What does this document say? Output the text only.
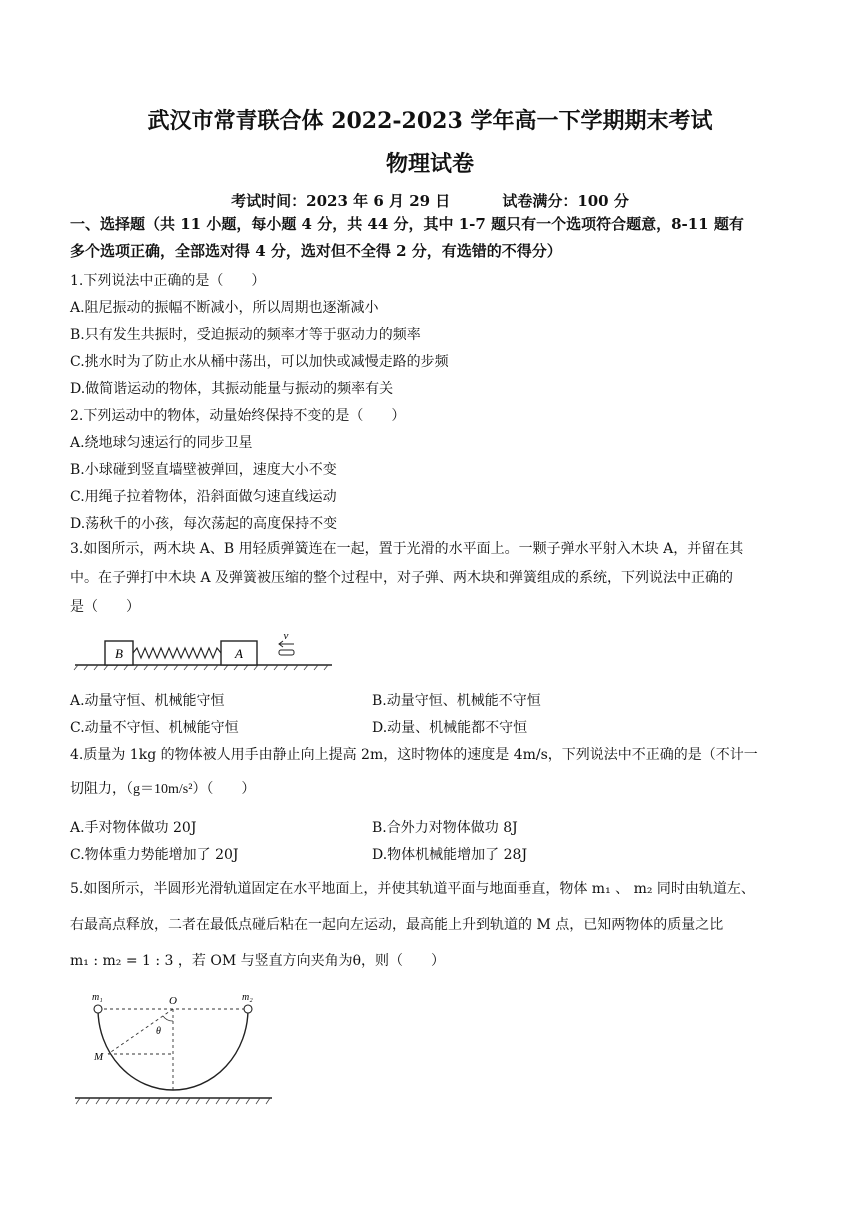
武汉市常青联合体 2022-2023 学年高一下学期期末考试
物理试卷
考试时间：2023 年 6 月 29 日	试卷满分：100 分
一、选择题（共 11 小题，每小题 4 分，共 44 分，其中 1-7 题只有一个选项符合题意，8-11 题有
多个选项正确，全部选对得 4 分，选对但不全得 2 分，有选错的不得分）
1.下列说法中正确的是（　　）
A.阻尼振动的振幅不断减小，所以周期也逐渐减小
B.只有发生共振时，受迫振动的频率才等于驱动力的频率
C.挑水时为了防止水从桶中荡出，可以加快或减慢走路的步频
D.做简谐运动的物体，其振动能量与振动的频率有关
2.下列运动中的物体，动量始终保持不变的是（　　）
A.绕地球匀速运行的同步卫星
B.小球碰到竖直墙壁被弹回，速度大小不变
C.用绳子拉着物体，沿斜面做匀速直线运动
D.荡秋千的小孩，每次荡起的高度保持不变
3.如图所示，两木块 A、B 用轻质弹簧连在一起，置于光滑的水平面上。一颗子弹水平射入木块 A，并留在其
中。在子弹打中木块 A 及弹簧被压缩的整个过程中，对子弹、两木块和弹簧组成的系统，下列说法中正确的
是（　　）
B	A
v
A.动量守恒、机械能守恒	B.动量守恒、机械能不守恒
C.动量不守恒、机械能守恒	D.动量、机械能都不守恒
4.质量为 1kg 的物体被人用手由静止向上提高 2m，这时物体的速度是 4m/s，下列说法中不正确的是（不计一
切阻力，（g＝10m/s²）（　　）
A.手对物体做功 20J	B.合外力对物体做功 8J
C.物体重力势能增加了 20J	D.物体机械能增加了 28J
5.如图所示，半圆形光滑轨道固定在水平地面上，并使其轨道平面与地面垂直，物体 m₁ 、 m₂ 同时由轨道左、
右最高点释放，二者在最低点碰后粘在一起向左运动，最高能上升到轨道的 M 点，已知两物体的质量之比
m₁ : m₂ = 1 : 3 ，若 OM 与竖直方向夹角为θ，则（　　）
m₁	m₂
O
θ
M
